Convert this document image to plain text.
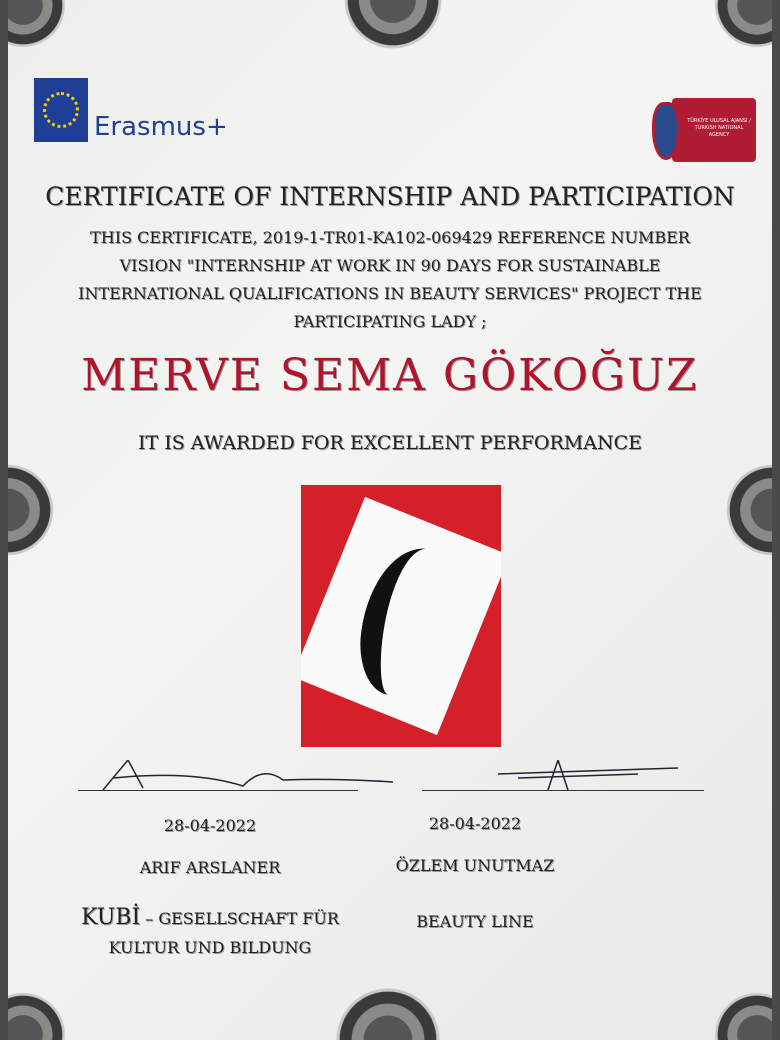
Erasmus+	TÜRKİYE ULUSAL AJANSI / TURKISH NATIONAL AGENCY
CERTIFICATE OF INTERNSHIP AND PARTICIPATION
THIS CERTIFICATE, 2019-1-TR01-KA102-069429 REFERENCE NUMBER
VISION "INTERNSHIP AT WORK IN 90 DAYS FOR SUSTAINABLE
INTERNATIONAL QUALIFICATIONS IN BEAUTY SERVICES" PROJECT THE
PARTICIPATING LADY ;
MERVE SEMA GÖKOĞUZ
IT IS AWARDED FOR EXCELLENT PERFORMANCE
28-04-2022	28-04-2022
ARIF ARSLANER	ÖZLEM UNUTMAZ
KUBİ – GESELLSCHAFT FÜR
KULTUR UND BILDUNG
BEAUTY LINE
